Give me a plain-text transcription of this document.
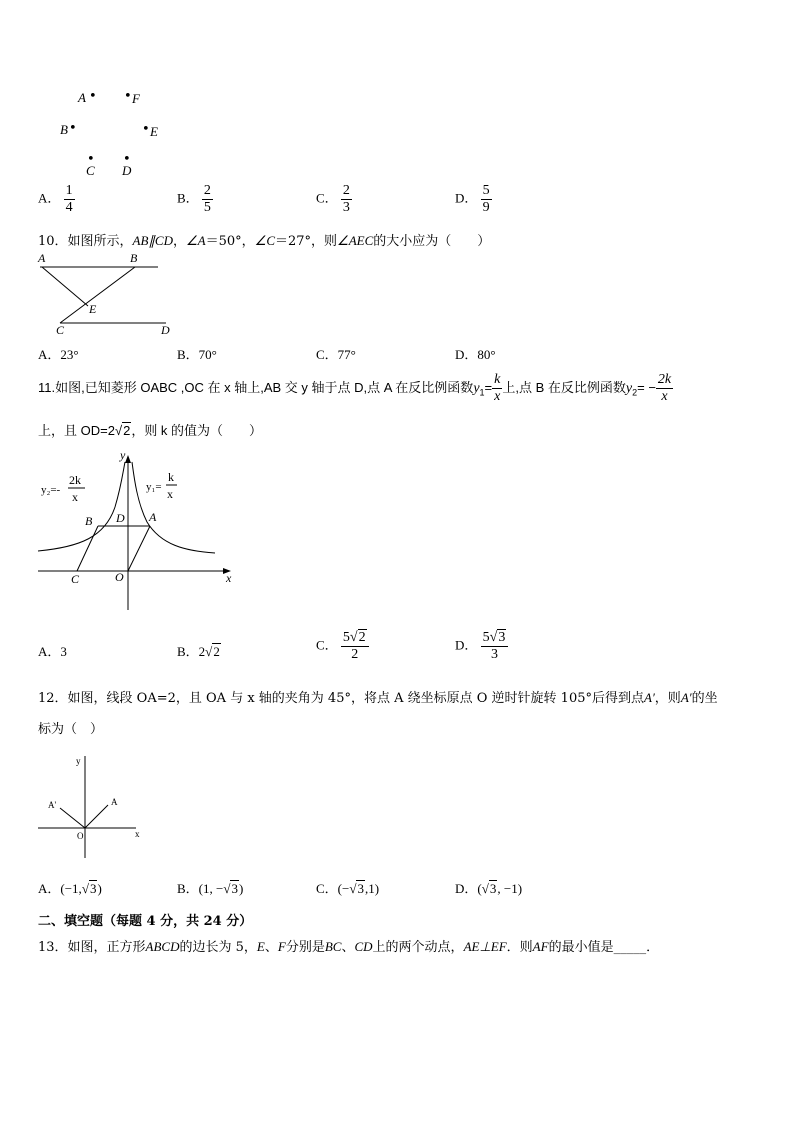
A • • F
B •	• E
• •
C D
A． $\frac{1}{4}$	B． $\frac{2}{5}$	C． $\frac{2}{3}$	D． $\frac{5}{9}$
10．如图所示，AB∥CD，∠A＝50°，∠C＝27°，则∠AEC的大小应为（　　）
A	B
E
C	D
A．23°	B．70°	C．77°	D．80°
11.如图,已知菱形 OABC ,OC 在 x 轴上,AB 交 y 轴于点 D,点 A 在反比例函数$y_1= \frac{k}{x}$ 上,点 B 在反比例函数$y_2= - \frac{2k}{x}$
上，且 OD=2√2，则 k 的值为（　　）
y
x
B D A
C	O
y₂=-
2k
x
y₁=
k
x
A．3	B．2√2	C． $\frac{5√2}{2}$	D． $\frac{5√3}{3}$
12．如图，线段 OA=2，且 OA 与 x 轴的夹角为 45°，将点 A 绕坐标原点 O 逆时针旋转 105°后得到点A′，则A′的坐
标为（　）
y
A'	A
O	x
A．(−1,√3)	B．(1, −√3)	C．(−√3,1)	D．(√3, −1)
二、填空题（每题 4 分，共 24 分）
13．如图，正方形ABCD的边长为 5，E、F分别是BC、CD上的两个动点，AE⊥EF．则AF的最小值是_____．
